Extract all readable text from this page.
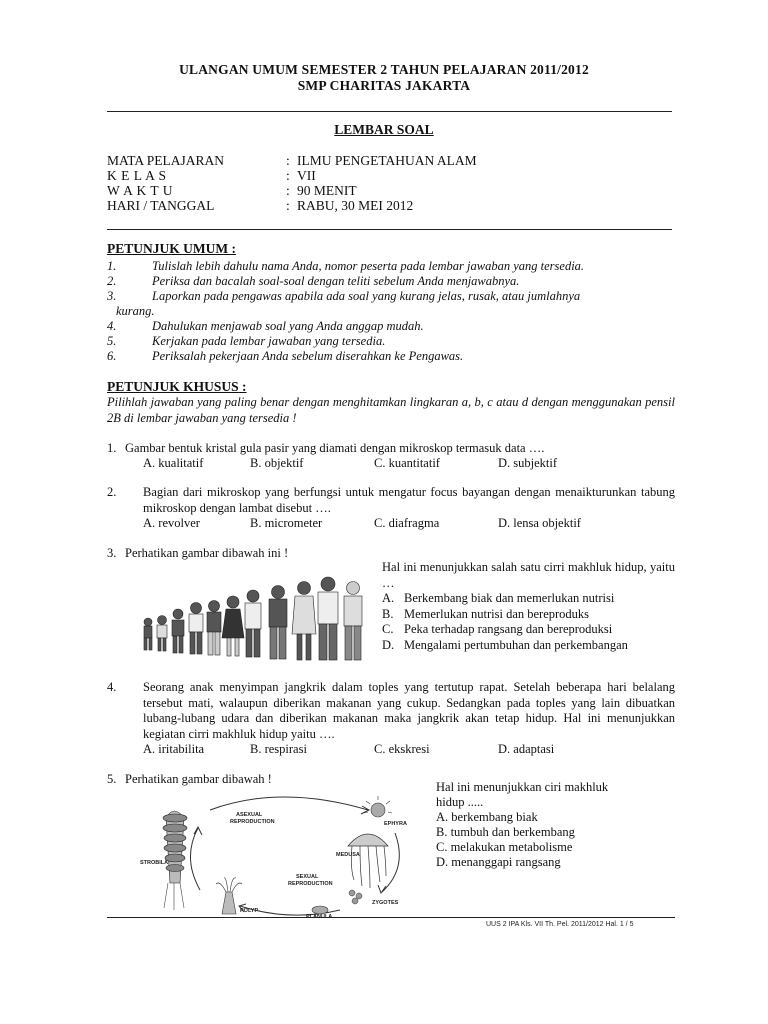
ULANGAN UMUM SEMESTER 2 TAHUN PELAJARAN 2011/2012
SMP CHARITAS JAKARTA
LEMBAR SOAL
MATA PELAJARAN	: ILMU PENGETAHUAN ALAM
K E L A S	: VII
W A K T U	: 90 MENIT
HARI / TANGGAL	: RABU, 30 MEI 2012
PETUNJUK UMUM :
1.	Tulislah lebih dahulu nama Anda, nomor peserta pada lembar jawaban yang tersedia.
2.	Periksa dan bacalah soal-soal dengan teliti sebelum Anda menjawabnya.
3.	Laporkan pada pengawas apabila ada soal yang kurang jelas, rusak, atau jumlahnya
kurang.
4.	Dahulukan menjawab soal yang Anda anggap mudah.
5.	Kerjakan pada lembar jawaban yang tersedia.
6.	Periksalah pekerjaan Anda sebelum diserahkan ke Pengawas.
PETUNJUK KHUSUS :
Pilihlah jawaban yang paling benar dengan menghitamkan lingkaran a, b, c atau d dengan menggunakan pensil 2B di lembar jawaban yang tersedia !
1. Gambar bentuk kristal gula pasir yang diamati dengan mikroskop termasuk data ….
A. kualitatif	B. objektif	C. kuantitatif	D. subjektif
2. Bagian dari mikroskop yang berfungsi untuk mengatur focus bayangan dengan menaikturunkan tabung mikroskop dengan lambat disebut ….
A. revolver	B. micrometer	C. diafragma	D. lensa objektif
3. Perhatikan gambar dibawah ini !
Hal ini menunjukkan salah satu cirri makhluk hidup, yaitu …
A. Berkembang biak dan memerlukan nutrisi
B. Memerlukan nutrisi dan bereproduks
C. Peka terhadap rangsang dan bereproduksi
D. Mengalami pertumbuhan dan perkembangan
4. Seorang anak menyimpan jangkrik dalam toples yang tertutup rapat. Setelah beberapa hari belalang tersebut mati, walaupun diberikan makanan yang cukup. Sedangkan pada toples yang lain dibuatkan lubang-lubang udara dan diberikan makanan maka jangkrik akan tetap hidup. Hal ini menunjukkan kegiatan cirri makhluk hidup yaitu ….
A. iritabilita	B. respirasi	C. ekskresi	D. adaptasi
5. Perhatikan gambar dibawah !
ASEXUAL
REPRODUCTION	EPHYRA
MEDUSA
SEXUAL
REPRODUCTION
ZYGOTES
STROBILA
POLYP
PLANULA
Hal ini menunjukkan ciri makhluk
hidup .....
A. berkembang biak
B. tumbuh dan berkembang
C. melakukan metabolisme
D. menanggapi rangsang
UUS 2 IPA Kls. VII Th. Pel. 2011/2012 Hal. 1 / 5
